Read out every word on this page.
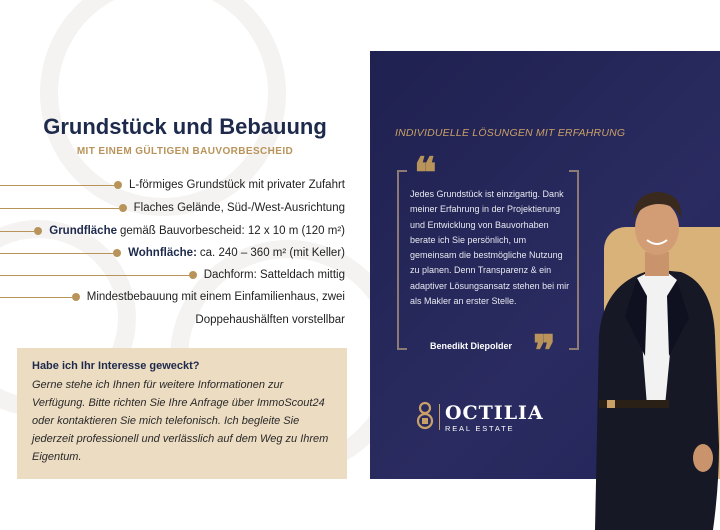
Grundstück und Bebauung
MIT EINEM GÜLTIGEN BAUVORBESCHEID
L-förmiges Grundstück mit privater Zufahrt
Flaches Gelände, Süd-/West-Ausrichtung
Grundfläche gemäß Bauvorbescheid: 12 x 10 m (120 m²)
Wohnfläche: ca. 240 – 360 m² (mit Keller)
Dachform: Satteldach mittig
Mindestbebauung mit einem Einfamilienhaus, zwei
Doppehaushälften vorstellbar
Habe ich Ihr Interesse geweckt?
Gerne stehe ich Ihnen für weitere Informationen zur Verfügung. Bitte richten Sie Ihre Anfrage über ImmoScout24 oder kontaktieren Sie mich telefonisch. Ich begleite Sie jederzeit professionell und verlässlich auf dem Weg zu Ihrem Eigentum.
INDIVIDUELLE LÖSUNGEN MIT ERFAHRUNG
❝
Jedes Grundstück ist einzigartig. Dank meiner Erfahrung in der Projektierung und Entwicklung von Bauvorhaben berate ich Sie persönlich, um gemeinsam die bestmögliche Nutzung zu planen. Denn Transparenz & ein adaptiver Lösungsansatz stehen bei mir als Makler an erster Stelle.
Benedikt Diepolder ❞
OCTILIA
REAL ESTATE
